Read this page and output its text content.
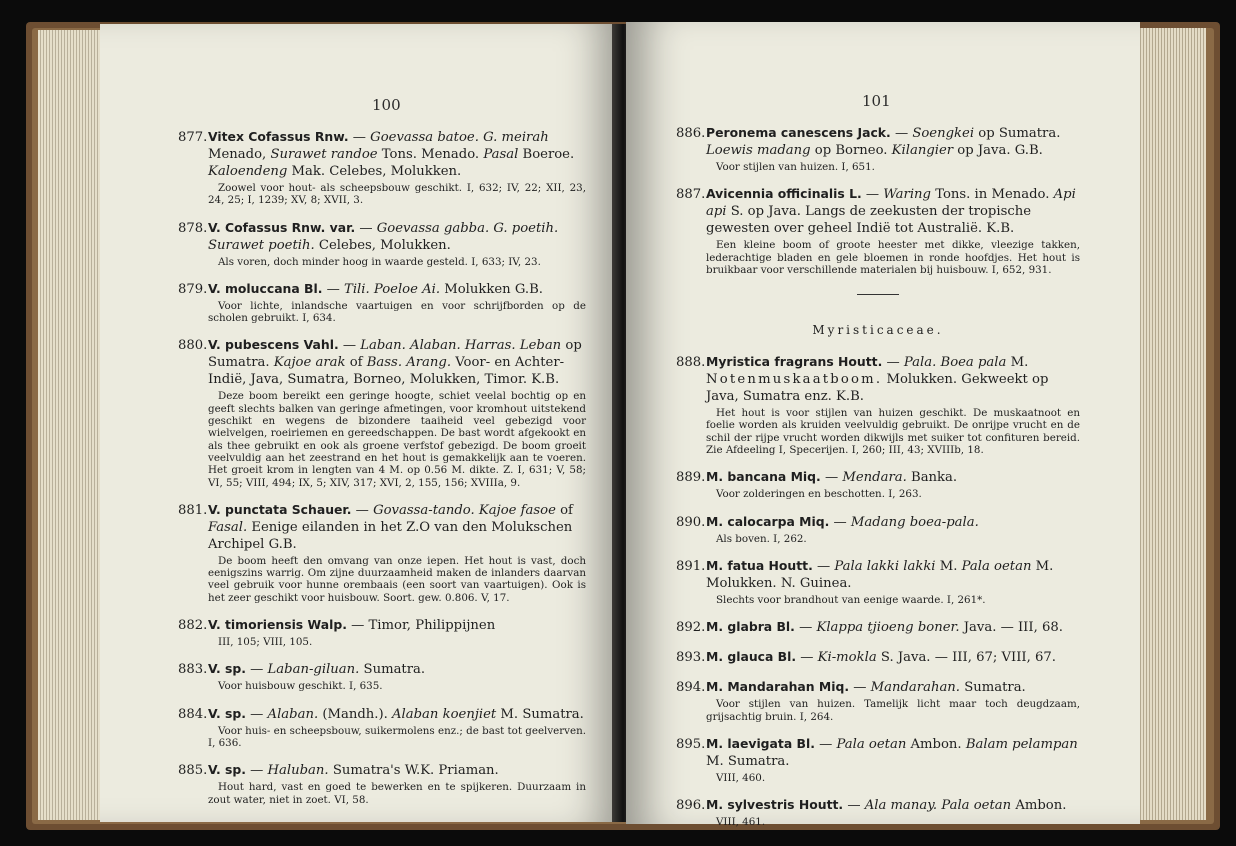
100
877.Vitex Cofassus Rnw. — Goevassa batoe. G. meirah Menado, Surawet randoe Tons. Menado. Pasal Boeroe. Kaloendeng Mak. Celebes, Molukken.
Zoowel voor hout- als scheepsbouw geschikt. I, 632; IV, 22; XII, 23, 24, 25; I, 1239; XV, 8; XVII, 3.
878.V. Cofassus Rnw. var. — Goevassa gabba. G. poetih. Surawet poetih. Celebes, Molukken.
Als voren, doch minder hoog in waarde gesteld. I, 633; IV, 23.
879.V. moluccana Bl. — Tili. Poeloe Ai. Molukken G.B.
Voor lichte, inlandsche vaartuigen en voor schrijfborden op de scholen gebruikt. I, 634.
880.V. pubescens Vahl. — Laban. Alaban. Harras. Leban op Sumatra. Kajoe arak of Bass. Arang. Voor- en Achter-Indië, Java, Sumatra, Borneo, Molukken, Timor. K.B.
Deze boom bereikt een geringe hoogte, schiet veelal bochtig op en geeft slechts balken van geringe afmetingen, voor kromhout uitstekend geschikt en wegens de bizondere taaiheid veel gebezigd voor wielvelgen, roeiriemen en gereedschappen. De bast wordt afgekookt en als thee gebruikt en ook als groene verfstof gebezigd. De boom groeit veelvuldig aan het zeestrand en het hout is gemakkelijk aan te voeren. Het groeit krom in lengten van 4 M. op 0.56 M. dikte. Z. I, 631; V, 58; VI, 55; VIII, 494; IX, 5; XIV, 317; XVI, 2, 155, 156; XVIIIa, 9.
881.V. punctata Schauer. — Govassa-tando. Kajoe fasoe of Fasal. Eenige eilanden in het Z.O van den Molukschen Archipel G.B.
De boom heeft den omvang van onze iepen. Het hout is vast, doch eenigszins warrig. Om zijne duurzaamheid maken de inlanders daarvan veel gebruik voor hunne orembaais (een soort van vaartuigen). Ook is het zeer geschikt voor huisbouw. Soort. gew. 0.806. V, 17.
882.V. timoriensis Walp. — Timor, Philippijnen
III, 105; VIII, 105.
883.V. sp. — Laban-giluan. Sumatra.
Voor huisbouw geschikt. I, 635.
884.V. sp. — Alaban. (Mandh.). Alaban koenjiet M. Sumatra.
Voor huis- en scheepsbouw, suikermolens enz.; de bast tot geelverven. I, 636.
885.V. sp. — Haluban. Sumatra's W.K. Priaman.
Hout hard, vast en goed te bewerken en te spijkeren. Duurzaam in zout water, niet in zoet. VI, 58.
101
886.Peronema canescens Jack. — Soengkei op Sumatra. Loewis madang op Borneo. Kilangier op Java. G.B.
Voor stijlen van huizen. I, 651.
887.Avicennia officinalis L. — Waring Tons. in Menado. Api api S. op Java. Langs de zeekusten der tropische gewesten over geheel Indië tot Australië. K.B.
Een kleine boom of groote heester met dikke, vleezige takken, lederachtige bladen en gele bloemen in ronde hoofdjes. Het hout is bruikbaar voor verschillende materialen bij huisbouw. I, 652, 931.
Myristicaceae.
888.Myristica fragrans Houtt. — Pala. Boea pala M. Notenmuskaatboom. Molukken. Gekweekt op Java, Sumatra enz. K.B.
Het hout is voor stijlen van huizen geschikt. De muskaatnoot en foelie worden als kruiden veelvuldig gebruikt. De onrijpe vrucht en de schil der rijpe vrucht worden dikwijls met suiker tot confituren bereid. Zie Afdeeling I, Specerijen. I, 260; III, 43; XVIIIb, 18.
889.M. bancana Miq. — Mendara. Banka.
Voor zolderingen en beschotten. I, 263.
890.M. calocarpa Miq. — Madang boea-pala.
Als boven. I, 262.
891.M. fatua Houtt. — Pala lakki lakki M. Pala oetan M. Molukken. N. Guinea.
Slechts voor brandhout van eenige waarde. I, 261*.
892.M. glabra Bl. — Klappa tjioeng boner. Java. — III, 68.
893.M. glauca Bl. — Ki-mokla S. Java. — III, 67; VIII, 67.
894.M. Mandarahan Miq. — Mandarahan. Sumatra.
Voor stijlen van huizen. Tamelijk licht maar toch deugdzaam, grijsachtig bruin. I, 264.
895.M. laevigata Bl. — Pala oetan Ambon. Balam pelampan M. Sumatra.
VIII, 460.
896.M. sylvestris Houtt. — Ala manay. Pala oetan Ambon.
VIII, 461.
